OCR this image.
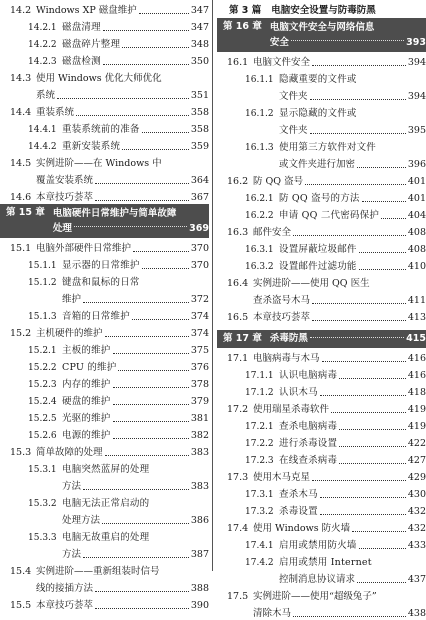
14.2 Windows XP 磁盘维护	347
14.2.1 磁盘清理	347
14.2.2 磁盘碎片整理	348
14.2.3 磁盘检测	350
14.3 使用 Windows 优化大师优化
系统	351
14.4 重装系统	358
14.4.1 重装系统前的准备	358
14.4.2 重新安装系统	359
14.5 实例进阶——在 Windows 中
覆盖安装系统	364
14.6 本章技巧荟萃	367
第 15 章 电脑硬件日常维护与简单故障
处理	369
15.1 电脑外部硬件日常维护	370
15.1.1 显示器的日常维护	370
15.1.2 键盘和鼠标的日常
维护	372
15.1.3 音箱的日常维护	374
15.2 主机硬件的维护	374
15.2.1 主板的维护	375
15.2.2 CPU 的维护	376
15.2.3 内存的维护	378
15.2.4 硬盘的维护	379
15.2.5 光驱的维护	381
15.2.6 电源的维护	382
15.3 简单故障的处理	383
15.3.1 电脑突然蓝屏的处理
方法	383
15.3.2 电脑无法正常启动的
处理方法	386
15.3.3 电脑无故重启的处理
方法	387
15.4 实例进阶——重新组装时信号
线的接插方法	388
15.5 本章技巧荟萃	390
第 3 篇 电脑安全设置与防毒防黑
第 16 章 电脑文件安全与网络信息
安全	393
16.1 电脑文件安全	394
16.1.1 隐藏重要的文件或
文件夹	394
16.1.2 显示隐藏的文件或
文件夹	395
16.1.3 使用第三方软件对文件
或文件夹进行加密	396
16.2 防 QQ 盗号	401
16.2.1 防 QQ 盗号的方法	401
16.2.2 申请 QQ 二代密码保护	404
16.3 邮件安全	408
16.3.1 设置屏蔽垃圾邮件	408
16.3.2 设置邮件过滤功能	410
16.4 实例进阶——使用 QQ 医生
查杀盗号木马	411
16.5 本章技巧荟萃	413
第 17 章 杀毒防黑	415
17.1 电脑病毒与木马	416
17.1.1 认识电脑病毒	416
17.1.2 认识木马	418
17.2 使用瑞星杀毒软件	419
17.2.1 查杀电脑病毒	419
17.2.2 进行杀毒设置	422
17.2.3 在线查杀病毒	427
17.3 使用木马克星	429
17.3.1 查杀木马	430
17.3.2 杀毒设置	432
17.4 使用 Windows 防火墙	432
17.4.1 启用或禁用防火墙	433
17.4.2 启用或禁用 Internet
控制消息协议请求	437
17.5 实例进阶——使用“超级兔子”
清除木马	438
